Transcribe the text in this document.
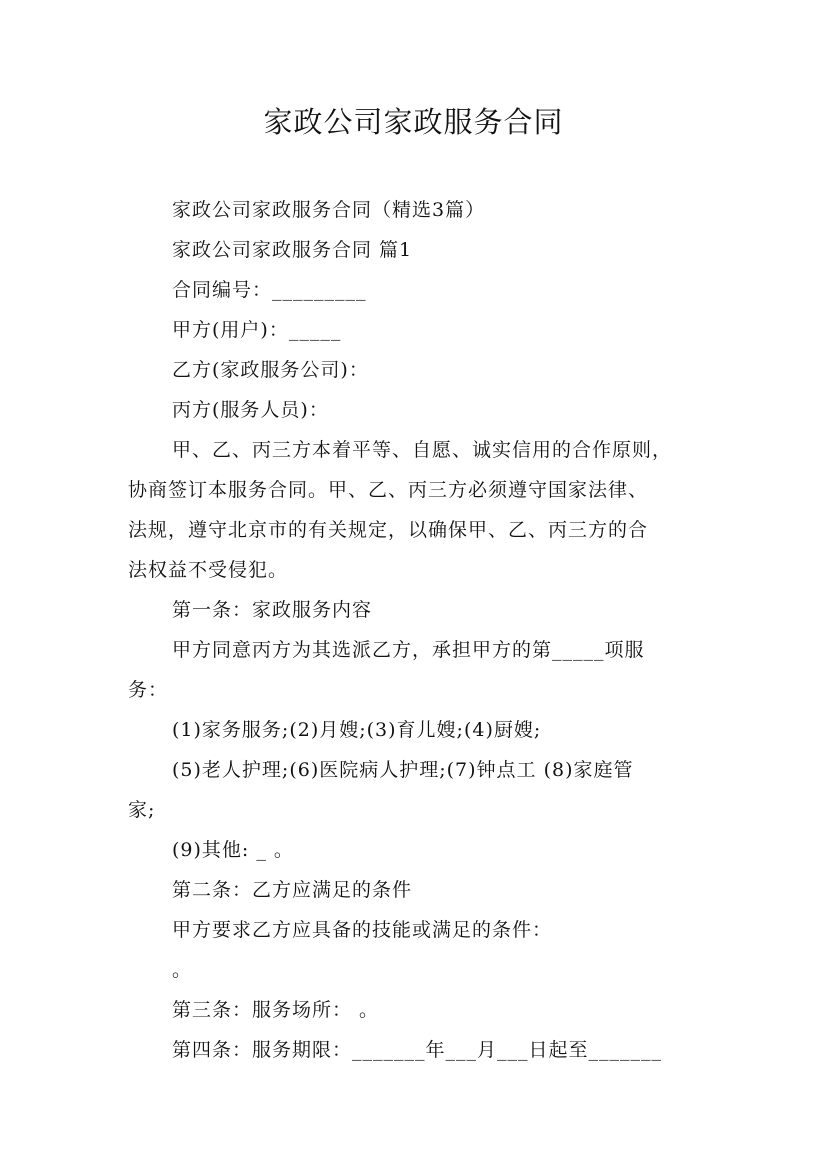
家政公司家政服务合同
家政公司家政服务合同（精选3篇）
家政公司家政服务合同 篇1
合同编号：_________
甲方(用户)：_____
乙方(家政服务公司)：
丙方(服务人员)：
甲、乙、丙三方本着平等、自愿、诚实信用的合作原则，
协商签订本服务合同。甲、乙、丙三方必须遵守国家法律、
法规，遵守北京市的有关规定，以确保甲、乙、丙三方的合
法权益不受侵犯。
第一条：家政服务内容
甲方同意丙方为其选派乙方，承担甲方的第_____项服
务：
(1)家务服务;(2)月嫂;(3)育儿嫂;(4)厨嫂;
(5)老人护理;(6)医院病人护理;(7)钟点工 (8)家庭管
家;
(9)其他: _ 。
第二条：乙方应满足的条件
甲方要求乙方应具备的技能或满足的条件：
。
第三条：服务场所： 。
第四条：服务期限：_______年___月___日起至_______
